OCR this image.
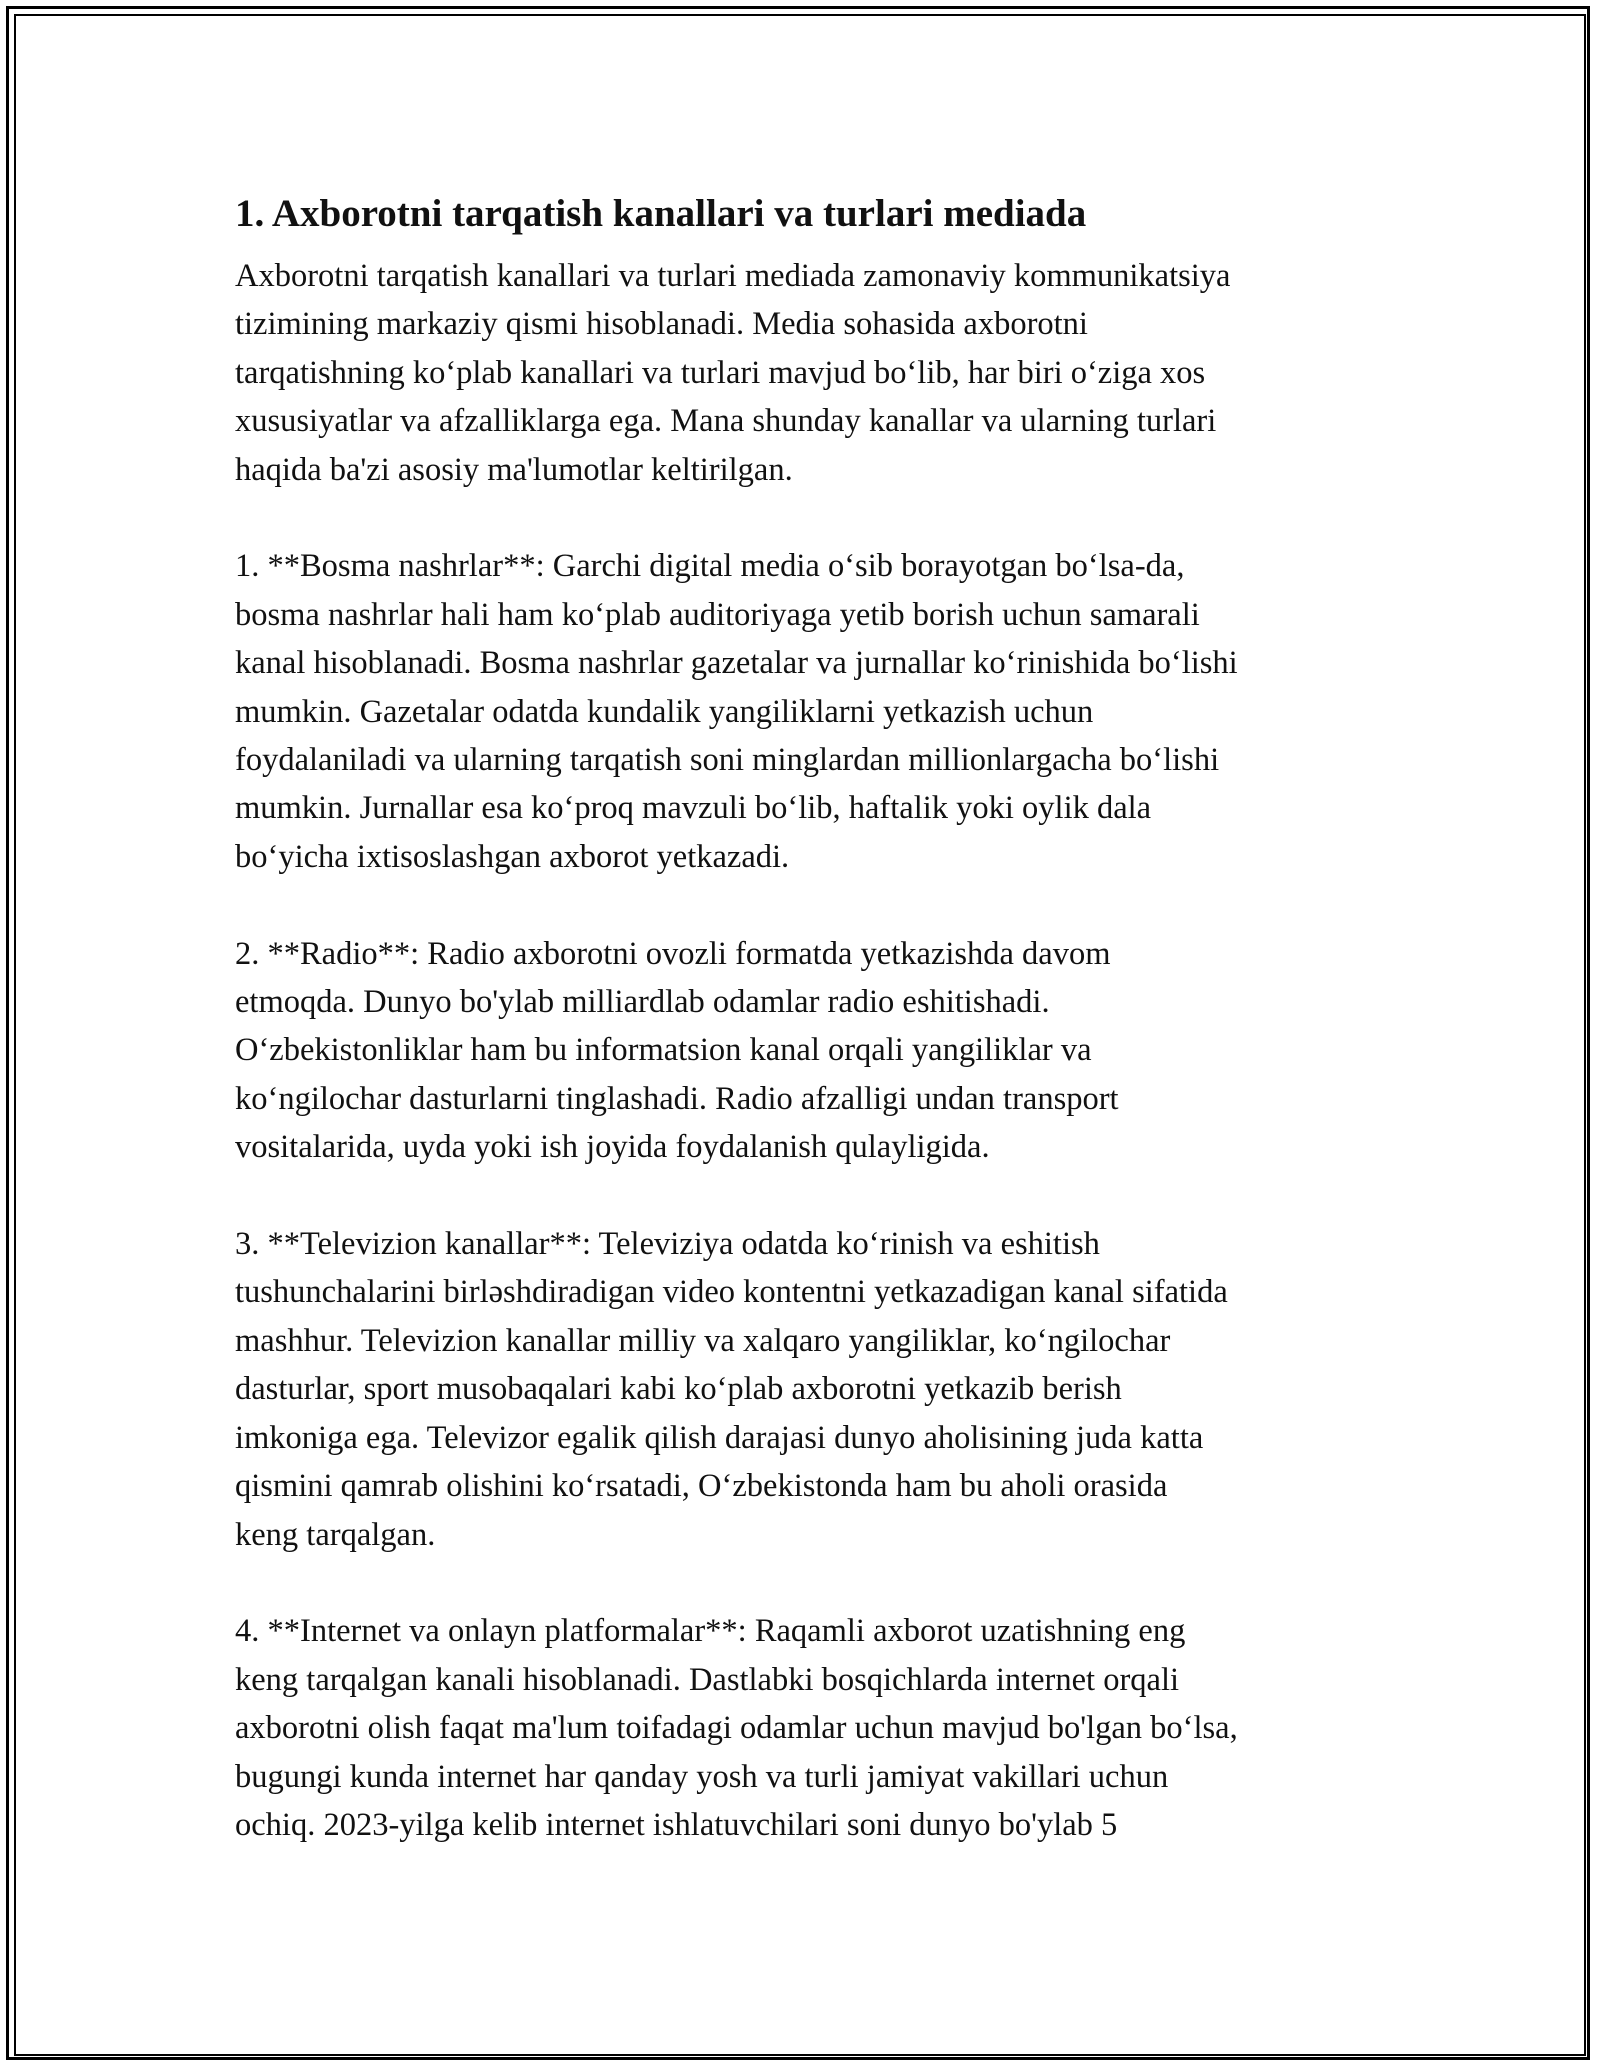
1. Axborotni tarqatish kanallari va turlari mediada

Axborotni tarqatish kanallari va turlari mediada zamonaviy kommunikatsiya
tizimining markaziy qismi hisoblanadi. Media sohasida axborotni
tarqatishning ko‘plab kanallari va turlari mavjud bo‘lib, har biri o‘ziga xos
xususiyatlar va afzalliklarga ega. Mana shunday kanallar va ularning turlari
haqida ba'zi asosiy ma'lumotlar keltirilgan.

1. **Bosma nashrlar**: Garchi digital media o‘sib borayotgan bo‘lsa-da,
bosma nashrlar hali ham ko‘plab auditoriyaga yetib borish uchun samarali
kanal hisoblanadi. Bosma nashrlar gazetalar va jurnallar ko‘rinishida bo‘lishi
mumkin. Gazetalar odatda kundalik yangiliklarni yetkazish uchun
foydalaniladi va ularning tarqatish soni minglardan millionlargacha bo‘lishi
mumkin. Jurnallar esa ko‘proq mavzuli bo‘lib, haftalik yoki oylik dala
bo‘yicha ixtisoslashgan axborot yetkazadi.

2. **Radio**: Radio axborotni ovozli formatda yetkazishda davom
etmoqda. Dunyo bo'ylab milliardlab odamlar radio eshitishadi.
O‘zbekistonliklar ham bu informatsion kanal orqali yangiliklar va
ko‘ngilochar dasturlarni tinglashadi. Radio afzalligi undan transport
vositalarida, uyda yoki ish joyida foydalanish qulayligida.

3. **Televizion kanallar**: Televiziya odatda ko‘rinish va eshitish
tushunchalarini birləshdiradigan video kontentni yetkazadigan kanal sifatida
mashhur. Televizion kanallar milliy va xalqaro yangiliklar, ko‘ngilochar
dasturlar, sport musobaqalari kabi ko‘plab axborotni yetkazib berish
imkoniga ega. Televizor egalik qilish darajasi dunyo aholisining juda katta
qismini qamrab olishini ko‘rsatadi, O‘zbekistonda ham bu aholi orasida
keng tarqalgan.

4. **Internet va onlayn platformalar**: Raqamli axborot uzatishning eng
keng tarqalgan kanali hisoblanadi. Dastlabki bosqichlarda internet orqali
axborotni olish faqat ma'lum toifadagi odamlar uchun mavjud bo'lgan bo‘lsa,
bugungi kunda internet har qanday yosh va turli jamiyat vakillari uchun
ochiq. 2023-yilga kelib internet ishlatuvchilari soni dunyo bo'ylab 5
